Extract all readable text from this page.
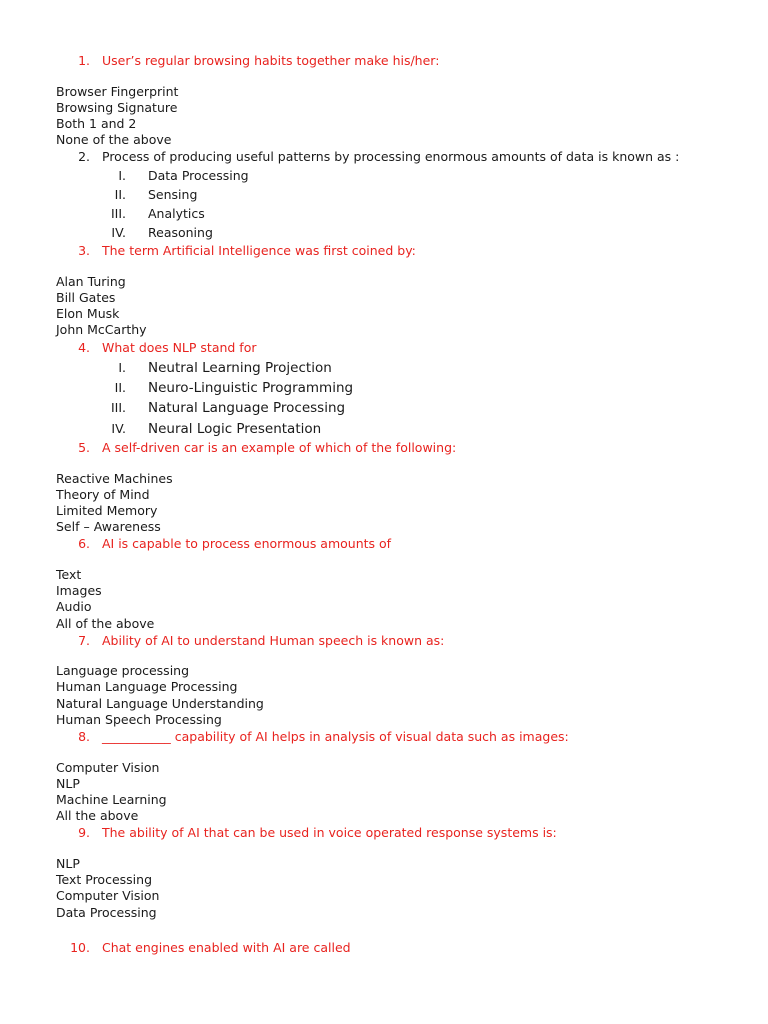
1. User’s regular browsing habits together make his/her:
Browser Fingerprint
Browsing Signature
Both 1 and 2
None of the above
2. Process of producing useful patterns by processing enormous amounts of data is known as :
I. Data Processing
II. Sensing
III. Analytics
IV. Reasoning
3. The term Artificial Intelligence was first coined by:
Alan Turing
Bill Gates
Elon Musk
John McCarthy
4. What does NLP stand for
I. Neutral Learning Projection
II. Neuro-Linguistic Programming
III. Natural Language Processing
IV. Neural Logic Presentation
5. A self-driven car is an example of which of the following:
Reactive Machines
Theory of Mind
Limited Memory
Self – Awareness
6. AI is capable to process enormous amounts of
Text
Images
Audio
All of the above
7. Ability of AI to understand Human speech is known as:
Language processing
Human Language Processing
Natural Language Understanding
Human Speech Processing
8. ___________ capability of AI helps in analysis of visual data such as images:
Computer Vision
NLP
Machine Learning
All the above
9. The ability of AI that can be used in voice operated response systems is:
NLP
Text Processing
Computer Vision
Data Processing
10. Chat engines enabled with AI are called
